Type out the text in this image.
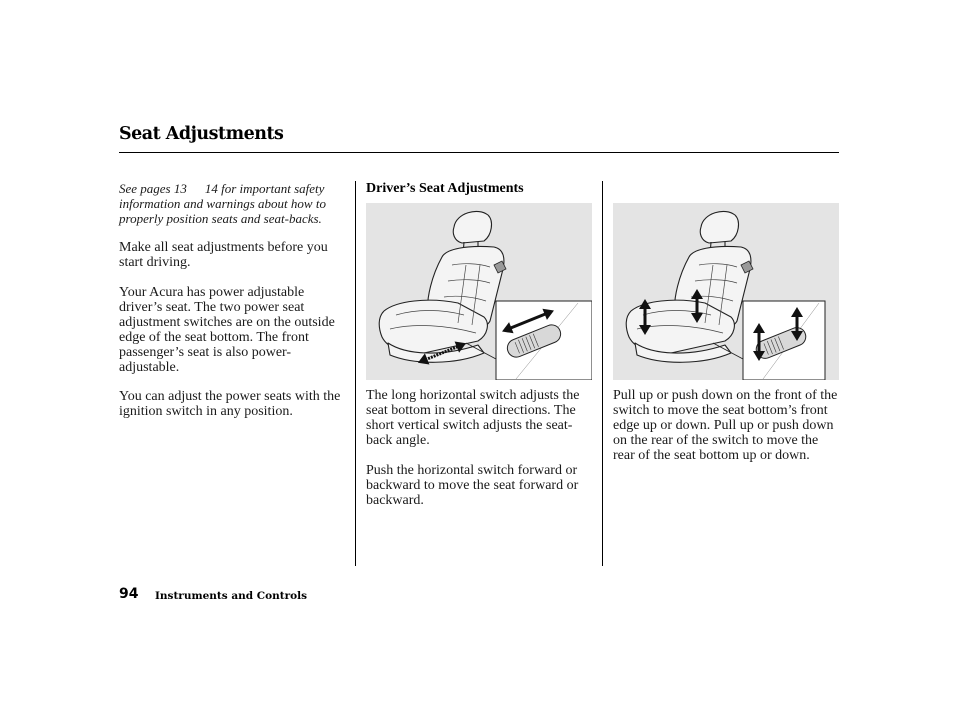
Seat Adjustments

See pages 13 14 for important safety information and warnings about how to properly position seats and seat-backs.

Make all seat adjustments before you start driving.

Your Acura has power adjustable driver’s seat. The two power seat adjustment switches are on the outside edge of the seat bottom. The front passenger’s seat is also power-adjustable.

You can adjust the power seats with the ignition switch in any position.

Driver’s Seat Adjustments

The long horizontal switch adjusts the seat bottom in several directions. The short vertical switch adjusts the seat-back angle.

Push the horizontal switch forward or backward to move the seat forward or backward.

Pull up or push down on the front of the switch to move the seat bottom’s front edge up or down. Pull up or push down on the rear of the switch to move the rear of the seat bottom up or down.

94 Instruments and Controls
